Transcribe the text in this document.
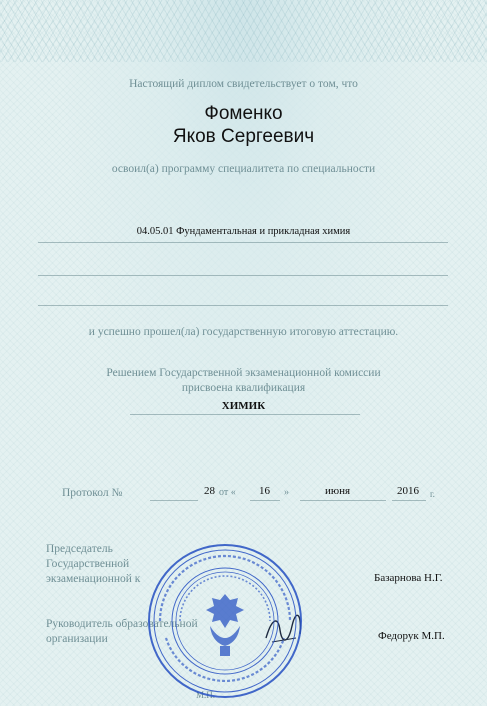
Настоящий диплом свидетельствует о том, что
Фоменко
Яков Сергеевич
освоил(а) программу специалитета по специальности
04.05.01 Фундаментальная и прикладная химия
и успешно прошел(ла) государственную итоговую аттестацию.
Решением Государственной экзаменационной комиссии
присвоена квалификация
ХИМИК
Протокол №	28 от « 16 »	июня	2016 г.
Председатель
Государственной
экзаменационной к	Базарнова Н.Г.
Руководитель образовательной
организации	Федорук М.П.
М.П.
